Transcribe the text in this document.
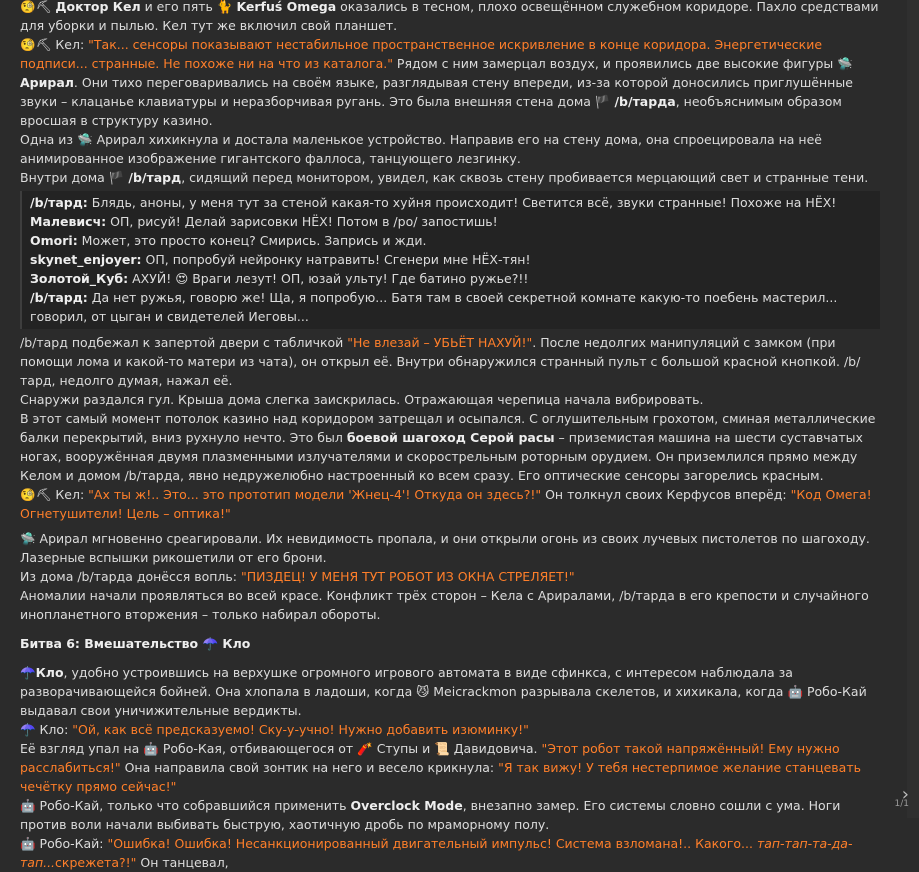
🧐⛏ Доктор Кел и его пять 🐈 Kerfuś Omega оказались в тесном, плохо освещённом служебном коридоре. Пахло средствами для уборки и пылью. Кел тут же включил свой планшет.

🧐⛏ Кел: "Так... сенсоры показывают нестабильное пространственное искривление в конце коридора. Энергетические подписи... странные. Не похоже ни на что из каталога." Рядом с ним замерцал воздух, и проявились две высокие фигуры 🛸 Арирал. Они тихо переговаривались на своём языке, разглядывая стену впереди, из-за которой доносились приглушённые звуки – клацанье клавиатуры и неразборчивая ругань. Это была внешняя стена дома 🏴 /b/тарда, необъяснимым образом вросшая в структуру казино.

Одна из 🛸 Арирал хихикнула и достала маленькое устройство. Направив его на стену дома, она спроецировала на неё анимированное изображение гигантского фаллоса, танцующего лезгинку.

Внутри дома 🏴 /b/тард, сидящий перед монитором, увидел, как сквозь стену пробивается мерцающий свет и странные тени.

/b/тард: Блядь, аноны, у меня тут за стеной какая-то хуйня происходит! Светится всё, звуки странные! Похоже на НЁХ!

Малевисч: ОП, рисуй! Делай зарисовки НЁХ! Потом в /ро/ запостишь!

Omori: Может, это просто конец? Смирись. Запрись и жди.

skynet_enjoyer: ОП, попробуй нейронку натравить! Сгенери мне НЁХ-тян!

Золотой_Куб: АХУЙ! 😍 Враги лезут! ОП, юзай ульту! Где батино ружье?!!

/b/тард: Да нет ружья, говорю же! Ща, я попробую... Батя там в своей секретной комнате какую-то поебень мастерил... говорил, от цыган и свидетелей Иеговы...

/b/тард подбежал к запертой двери с табличкой "Не влезай – УБЬЁТ НАХУЙ!". После недолгих манипуляций с замком (при помощи лома и какой-то матери из чата), он открыл её. Внутри обнаружился странный пульт с большой красной кнопкой. /b/тард, недолго думая, нажал её.

Снаружи раздался гул. Крыша дома слегка заискрилась. Отражающая черепица начала вибрировать.

В этот самый момент потолок казино над коридором затрещал и осыпался. С оглушительным грохотом, сминая металлические балки перекрытий, вниз рухнуло нечто. Это был боевой шагоход Серой расы – приземистая машина на шести суставчатых ногах, вооружённая двумя плазменными излучателями и скорострельным роторным орудием. Он приземлился прямо между Келом и домом /b/тарда, явно недружелюбно настроенный ко всем сразу. Его оптические сенсоры загорелись красным.

🧐⛏ Кел: "Ах ты ж!.. Это... это прототип модели 'Жнец-4'! Откуда он здесь?!" Он толкнул своих Керфусов вперёд: "Код Омега! Огнетушители! Цель – оптика!"

🛸 Арирал мгновенно среагировали. Их невидимость пропала, и они открыли огонь из своих лучевых пистолетов по шагоходу. Лазерные вспышки рикошетили от его брони.

Из дома /b/тарда донёсся вопль: "ПИЗДЕЦ! У МЕНЯ ТУТ РОБОТ ИЗ ОКНА СТРЕЛЯЕТ!"

Аномалии начали проявляться во всей красе. Конфликт трёх сторон – Кела с Ариралами, /b/тарда в его крепости и случайного инопланетного вторжения – только набирал обороты.

Битва 6: Вмешательство ☂️ Кло

☂️Кло, удобно устроившись на верхушке огромного игрового автомата в виде сфинкса, с интересом наблюдала за разворачивающейся бойней. Она хлопала в ладоши, когда 😼 Meicrackmon разрывала скелетов, и хихикала, когда 🤖 Робо-Кай выдавал свои уничижительные вердикты.

☂️ Кло: "Ой, как всё предсказуемо! Ску-у-учно! Нужно добавить изюминку!"

Её взгляд упал на 🤖 Робо-Кая, отбивающегося от 🧨 Ступы и 📜 Давидовича. "Этот робот такой напряжённый! Ему нужно расслабиться!" Она направила свой зонтик на него и весело крикнула: "Я так вижу! У тебя нестерпимое желание станцевать чечётку прямо сейчас!"

🤖 Робо-Кай, только что собравшийся применить Overclock Mode, внезапно замер. Его системы словно сошли с ума. Ноги против воли начали выбивать быструю, хаотичную дробь по мраморному полу.

🤖 Робо-Кай: "Ошибка! Ошибка! Несанкционированный двигательный импульс! Система взломана!.. Какого... тап-тап-та-да-тап...скрежета?!" Он танцевал,

›
1/1
